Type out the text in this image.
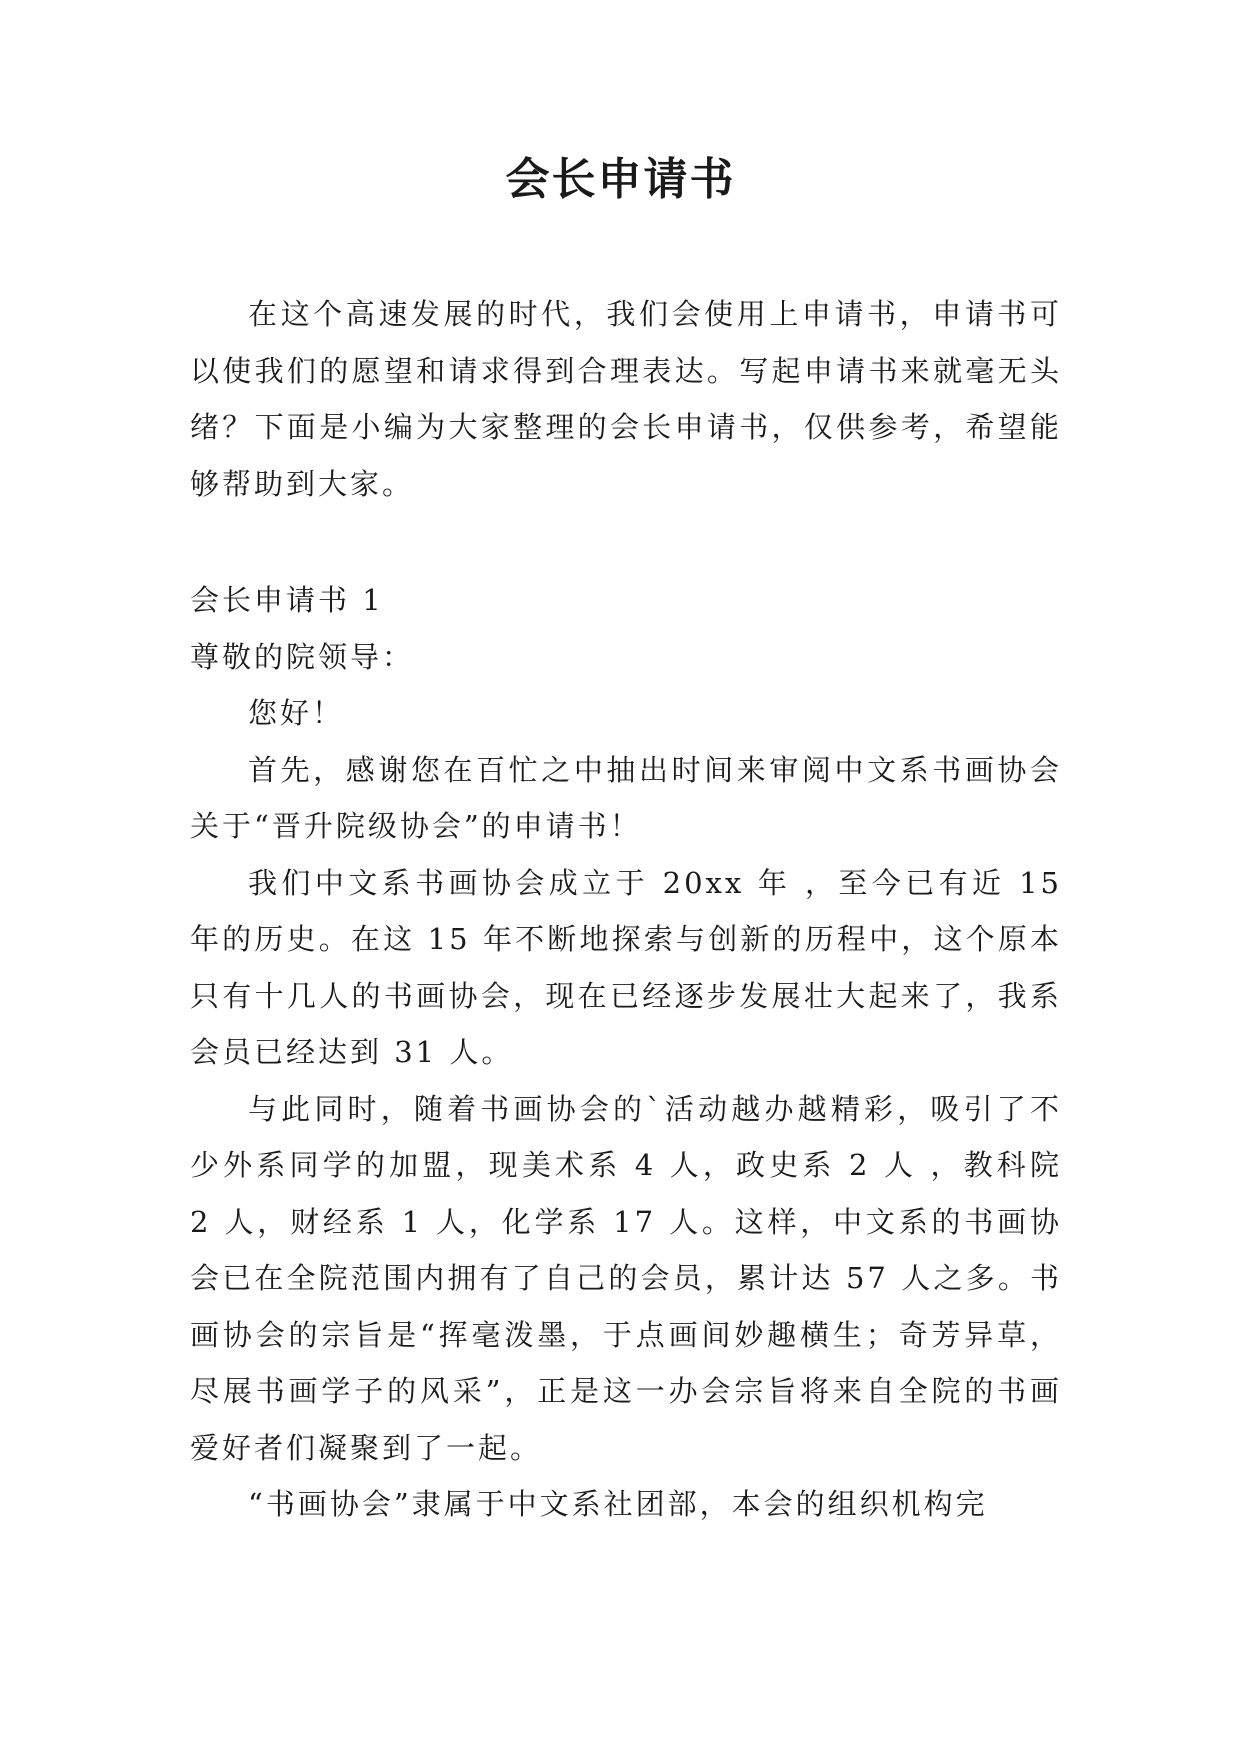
会长申请书

在这个高速发展的时代，我们会使用上申请书，申请书可以使我们的愿望和请求得到合理表达。写起申请书来就毫无头绪？下面是小编为大家整理的会长申请书，仅供参考，希望能够帮助到大家。

会长申请书 1

尊敬的院领导：

您好！

首先，感谢您在百忙之中抽出时间来审阅中文系书画协会关于“晋升院级协会”的申请书！

我们中文系书画协会成立于 20xx 年 ，至今已有近 15 年的历史。在这 15 年不断地探索与创新的历程中，这个原本只有十几人的书画协会，现在已经逐步发展壮大起来了，我系会员已经达到 31 人。

与此同时，随着书画协会的`活动越办越精彩，吸引了不少外系同学的加盟，现美术系 4 人，政史系 2 人 ，教科院 2 人，财经系 1 人，化学系 17 人。这样，中文系的书画协会已在全院范围内拥有了自己的会员，累计达 57 人之多。书画协会的宗旨是“挥毫泼墨，于点画间妙趣横生；奇芳异草，尽展书画学子的风采”，正是这一办会宗旨将来自全院的书画爱好者们凝聚到了一起。

“书画协会”隶属于中文系社团部，本会的组织机构完
